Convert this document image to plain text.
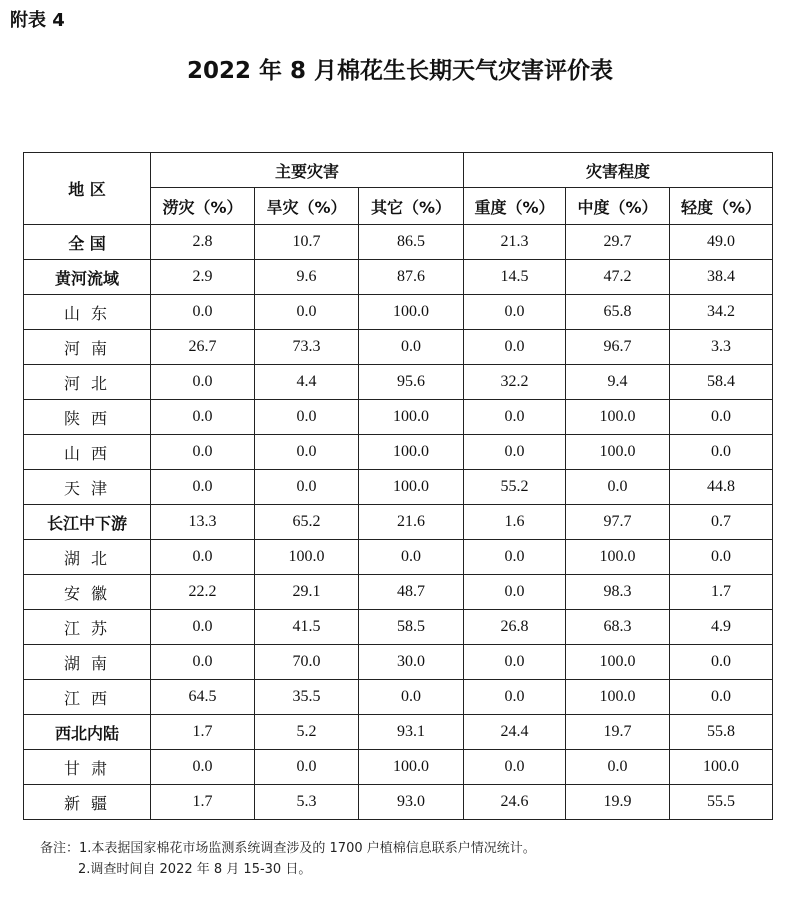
附表 4
2022 年 8 月棉花生长期天气灾害评价表
地 区	主要灾害			灾害程度		
	涝灾（%）	旱灾（%）	其它（%）	重度（%）	中度（%）	轻度（%）
全 国	2.8	10.7	86.5	21.3	29.7	49.0
黄河流域	2.9	9.6	87.6	14.5	47.2	38.4
山 东	0.0	0.0	100.0	0.0	65.8	34.2
河 南	26.7	73.3	0.0	0.0	96.7	3.3
河 北	0.0	4.4	95.6	32.2	9.4	58.4
陕 西	0.0	0.0	100.0	0.0	100.0	0.0
山 西	0.0	0.0	100.0	0.0	100.0	0.0
天 津	0.0	0.0	100.0	55.2	0.0	44.8
长江中下游	13.3	65.2	21.6	1.6	97.7	0.7
湖 北	0.0	100.0	0.0	0.0	100.0	0.0
安 徽	22.2	29.1	48.7	0.0	98.3	1.7
江 苏	0.0	41.5	58.5	26.8	68.3	4.9
湖 南	0.0	70.0	30.0	0.0	100.0	0.0
江 西	64.5	35.5	0.0	0.0	100.0	0.0
西北内陆	1.7	5.2	93.1	24.4	19.7	55.8
甘 肃	0.0	0.0	100.0	0.0	0.0	100.0
新 疆	1.7	5.3	93.0	24.6	19.9	55.5
备注：1.本表据国家棉花市场监测系统调查涉及的 1700 户植棉信息联系户情况统计。
2.调查时间自 2022 年 8 月 15-30 日。
